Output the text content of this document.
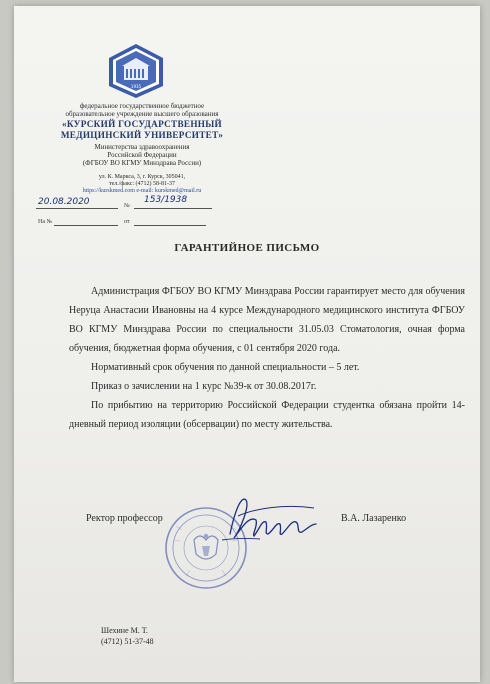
1935
федеральное государственное бюджетное
образовательное учреждение высшего образования
«КУРСКИЙ ГОСУДАРСТВЕННЫЙ
МЕДИЦИНСКИЙ УНИВЕРСИТЕТ»
Министерства здравоохранения
Российской Федерации
(ФГБОУ ВО КГМУ Минздрава России)
ул. К. Маркса, 3, г. Курск, 305041,
тел./факс: (4712) 58-81-37
https://kurskmed.com e-mail: kurskmed@mail.ru
20.08.2020	№
153/1938
На №	от
ГАРАНТИЙНОЕ ПИСЬМО

Администрация ФГБОУ ВО КГМУ Минздрава России гарантирует место для обучения Неруца Анастасии Ивановны на 4 курсе Международного медицинского института ФГБОУ ВО КГМУ Минздрава России по специальности 31.05.03 Стоматология, очная форма обучения, бюджетная форма обучения, с 01 сентября 2020 года.

Нормативный срок обучения по данной специальности – 5 лет.

Приказ о зачислении на 1 курс №39-к от 30.08.2017г.

По прибытию на территорию Российской Федерации студентка обязана пройти 14- дневный период изоляции (обсервации) по месту жительства.

Ректор профессор	В.А. Лазаренко
Шехине М. Т.
(4712) 51-37-48
